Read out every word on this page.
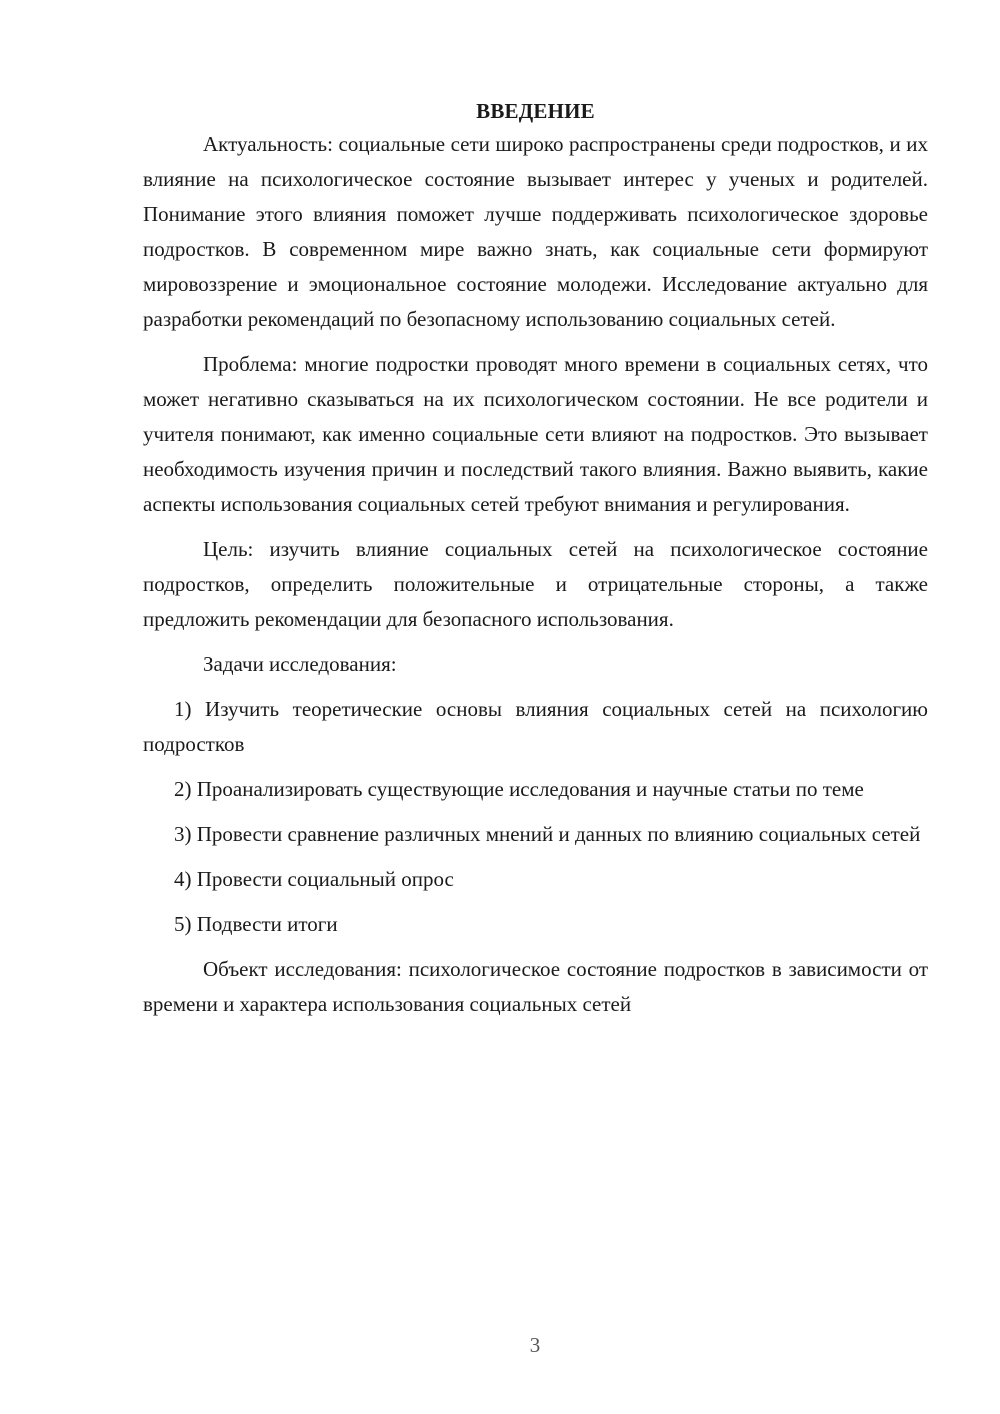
ВВЕДЕНИЕ

Актуальность: социальные сети широко распространены среди подростков, и их влияние на психологическое состояние вызывает интерес у ученых и родителей. Понимание этого влияния поможет лучше поддерживать психологическое здоровье подростков. В современном мире важно знать, как социальные сети формируют мировоззрение и эмоциональное состояние молодежи. Исследование актуально для разработки рекомендаций по безопасному использованию социальных сетей.

Проблема: многие подростки проводят много времени в социальных сетях, что может негативно сказываться на их психологическом состоянии. Не все родители и учителя понимают, как именно социальные сети влияют на подростков. Это вызывает необходимость изучения причин и последствий такого влияния. Важно выявить, какие аспекты использования социальных сетей требуют внимания и регулирования.

Цель: изучить влияние социальных сетей на психологическое состояние подростков, определить положительные и отрицательные стороны, а также предложить рекомендации для безопасного использования.

Задачи исследования:

1) Изучить теоретические основы влияния социальных сетей на психологию подростков

2) Проанализировать существующие исследования и научные статьи по теме

3) Провести сравнение различных мнений и данных по влиянию социальных сетей

4) Провести социальный опрос

5) Подвести итоги

Объект исследования: психологическое состояние подростков в зависимости от времени и характера использования социальных сетей

3
